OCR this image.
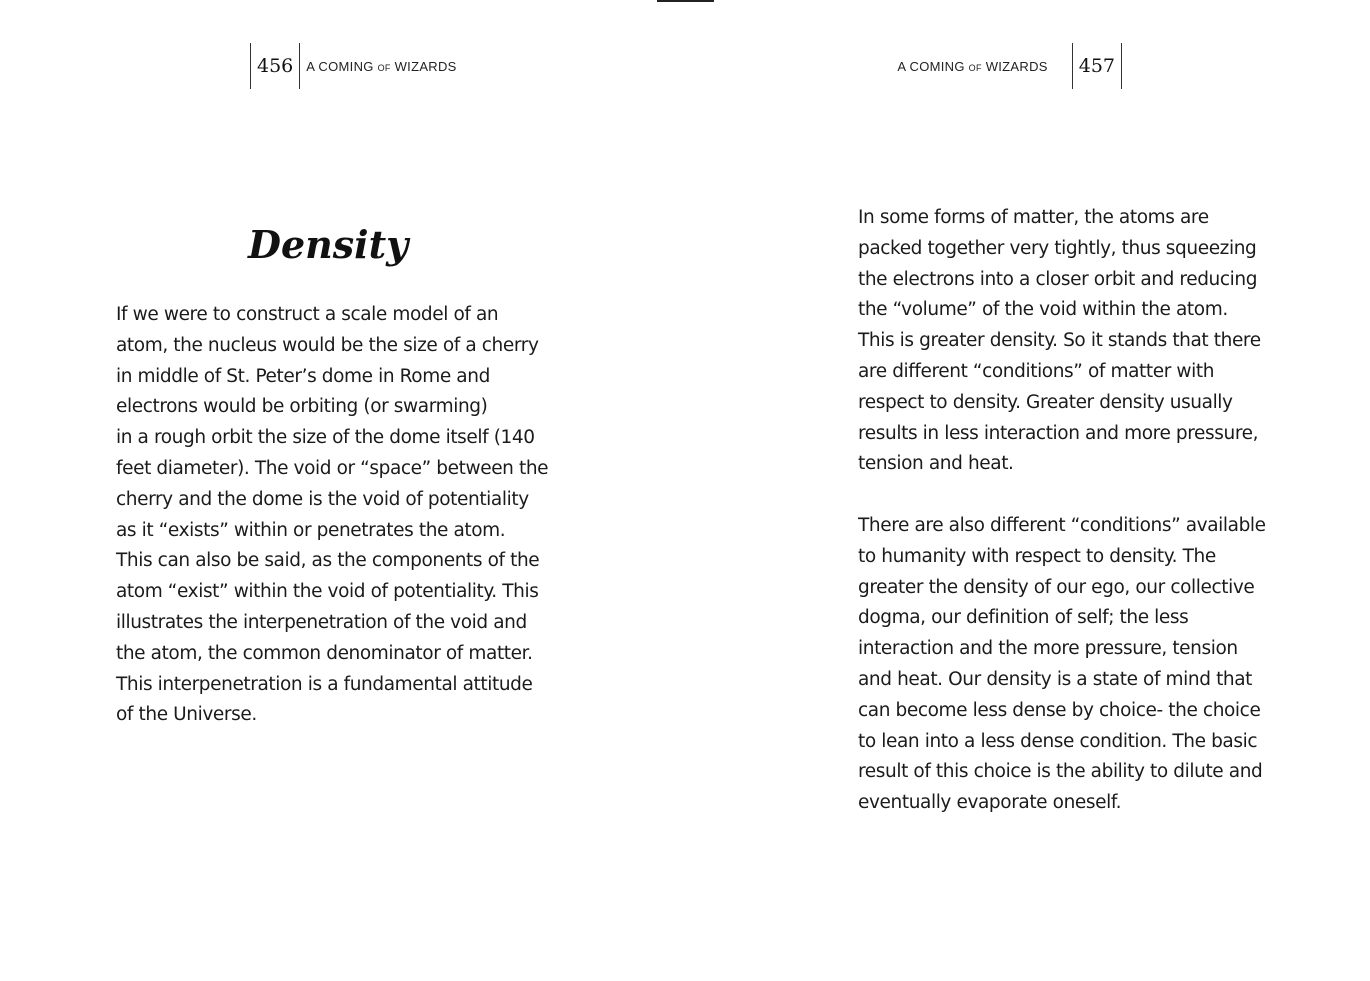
456	A COMING OF WIZARDS
Density

If we were to construct a scale model of an
atom, the nucleus would be the size of a cherry
in middle of St. Peter’s dome in Rome and
electrons would be orbiting (or swarming)
in a rough orbit the size of the dome itself (140
feet diameter). The void or “space” between the
cherry and the dome is the void of potentiality
as it “exists” within or penetrates the atom.
This can also be said, as the components of the
atom “exist” within the void of potentiality. This
illustrates the interpenetration of the void and
the atom, the common denominator of matter.
This interpenetration is a fundamental attitude
of the Universe.

A COMING OF WIZARDS	457

In some forms of matter, the atoms are
packed together very tightly, thus squeezing
the electrons into a closer orbit and reducing
the “volume” of the void within the atom.
This is greater density. So it stands that there
are different “conditions” of matter with
respect to density. Greater density usually
results in less interaction and more pressure,
tension and heat.

There are also different “conditions” available
to humanity with respect to density. The
greater the density of our ego, our collective
dogma, our definition of self; the less
interaction and the more pressure, tension
and heat. Our density is a state of mind that
can become less dense by choice- the choice
to lean into a less dense condition. The basic
result of this choice is the ability to dilute and
eventually evaporate oneself.
